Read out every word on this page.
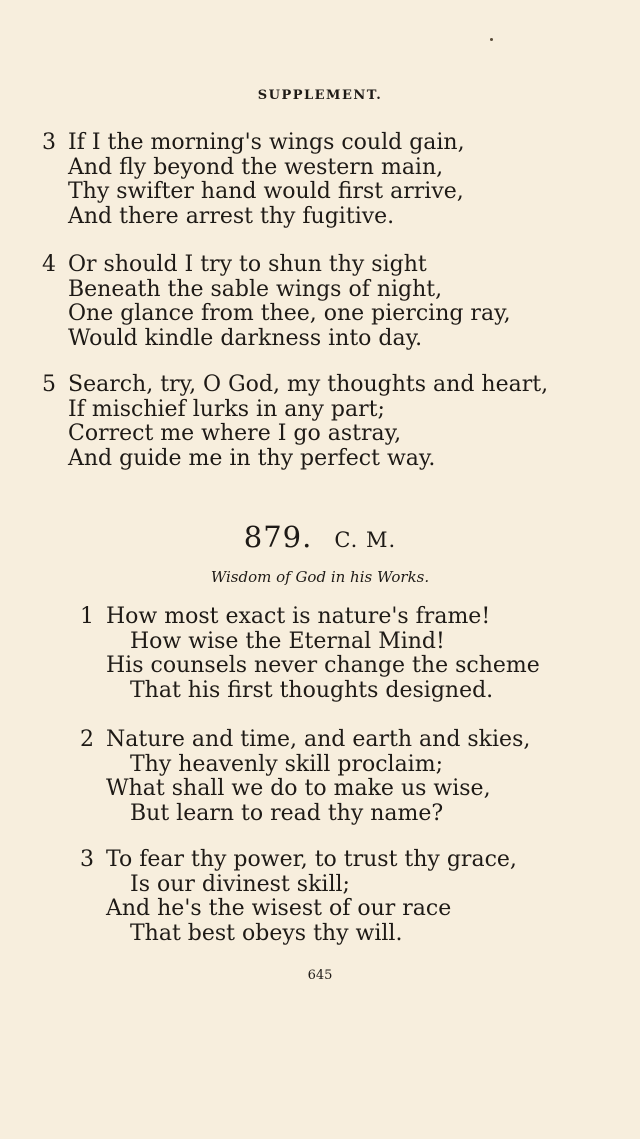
SUPPLEMENT.
3 If I the morning's wings could gain,
And fly beyond the western main,
Thy swifter hand would first arrive,
And there arrest thy fugitive.
4 Or should I try to shun thy sight
Beneath the sable wings of night,
One glance from thee, one piercing ray,
Would kindle darkness into day.
5 Search, try, O God, my thoughts and heart,
If mischief lurks in any part;
Correct me where I go astray,
And guide me in thy perfect way.
879. C. M.
Wisdom of God in his Works.
1 How most exact is nature's frame!
How wise the Eternal Mind!
His counsels never change the scheme
That his first thoughts designed.
2 Nature and time, and earth and skies,
Thy heavenly skill proclaim;
What shall we do to make us wise,
But learn to read thy name?
3 To fear thy power, to trust thy grace,
Is our divinest skill;
And he's the wisest of our race
That best obeys thy will.
645
